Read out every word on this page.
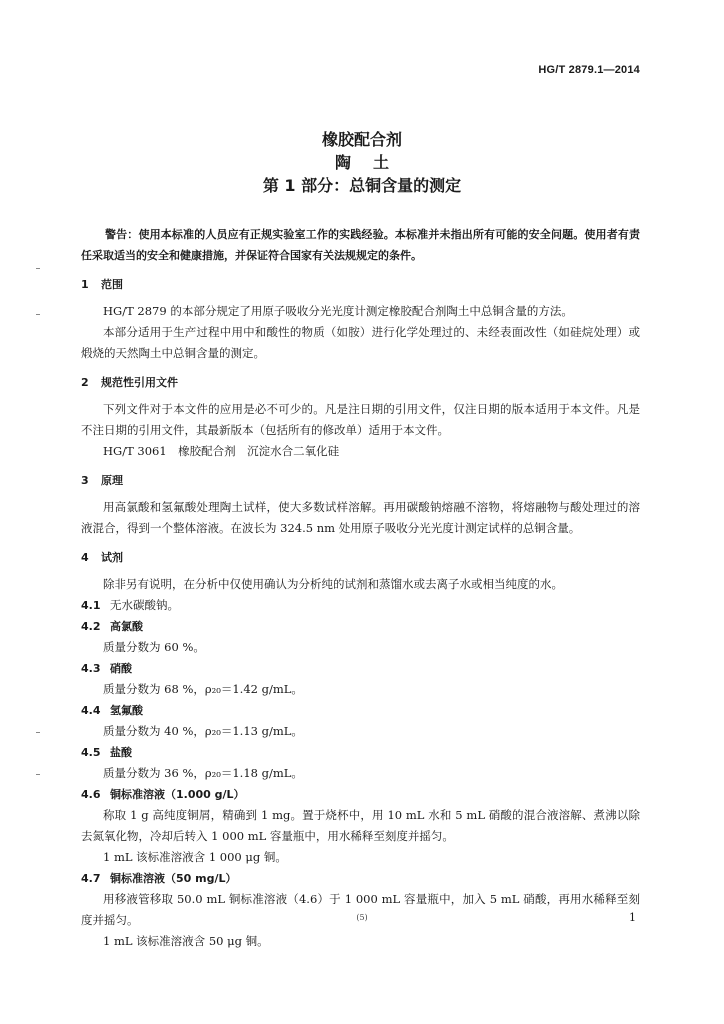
HG/T 2879.1—2014
橡胶配合剂
陶土
第 1 部分：总铜含量的测定

警告：使用本标准的人员应有正规实验室工作的实践经验。本标准并未指出所有可能的安全问题。使用者有责任采取适当的安全和健康措施，并保证符合国家有关法规规定的条件。

1 范围

HG/T 2879 的本部分规定了用原子吸收分光光度计测定橡胶配合剂陶土中总铜含量的方法。

本部分适用于生产过程中用中和酸性的物质（如胺）进行化学处理过的、未经表面改性（如硅烷处理）或煅烧的天然陶土中总铜含量的测定。

2 规范性引用文件

下列文件对于本文件的应用是必不可少的。凡是注日期的引用文件，仅注日期的版本适用于本文件。凡是不注日期的引用文件，其最新版本（包括所有的修改单）适用于本文件。

HG/T 3061　橡胶配合剂　沉淀水合二氧化硅

3 原理

用高氯酸和氢氟酸处理陶土试样，使大多数试样溶解。再用碳酸钠熔融不溶物，将熔融物与酸处理过的溶液混合，得到一个整体溶液。在波长为 324.5 nm 处用原子吸收分光光度计测定试样的总铜含量。

4 试剂

除非另有说明，在分析中仅使用确认为分析纯的试剂和蒸馏水或去离子水或相当纯度的水。

4.1 无水碳酸钠。
4.2 高氯酸

质量分数为 60 %。

4.3 硝酸

质量分数为 68 %，ρ₂₀＝1.42 g/mL。

4.4 氢氟酸

质量分数为 40 %，ρ₂₀＝1.13 g/mL。

4.5 盐酸

质量分数为 36 %，ρ₂₀＝1.18 g/mL。

4.6 铜标准溶液（1.000 g/L）

称取 1 g 高纯度铜屑，精确到 1 mg。置于烧杯中，用 10 mL 水和 5 mL 硝酸的混合液溶解、煮沸以除去氮氧化物，冷却后转入 1 000 mL 容量瓶中，用水稀释至刻度并摇匀。

1 mL 该标准溶液含 1 000 μg 铜。

4.7 铜标准溶液（50 mg/L）

用移液管移取 50.0 mL 铜标准溶液（4.6）于 1 000 mL 容量瓶中，加入 5 mL 硝酸，再用水稀释至刻度并摇匀。

1 mL 该标准溶液含 50 μg 铜。

(5)	1
